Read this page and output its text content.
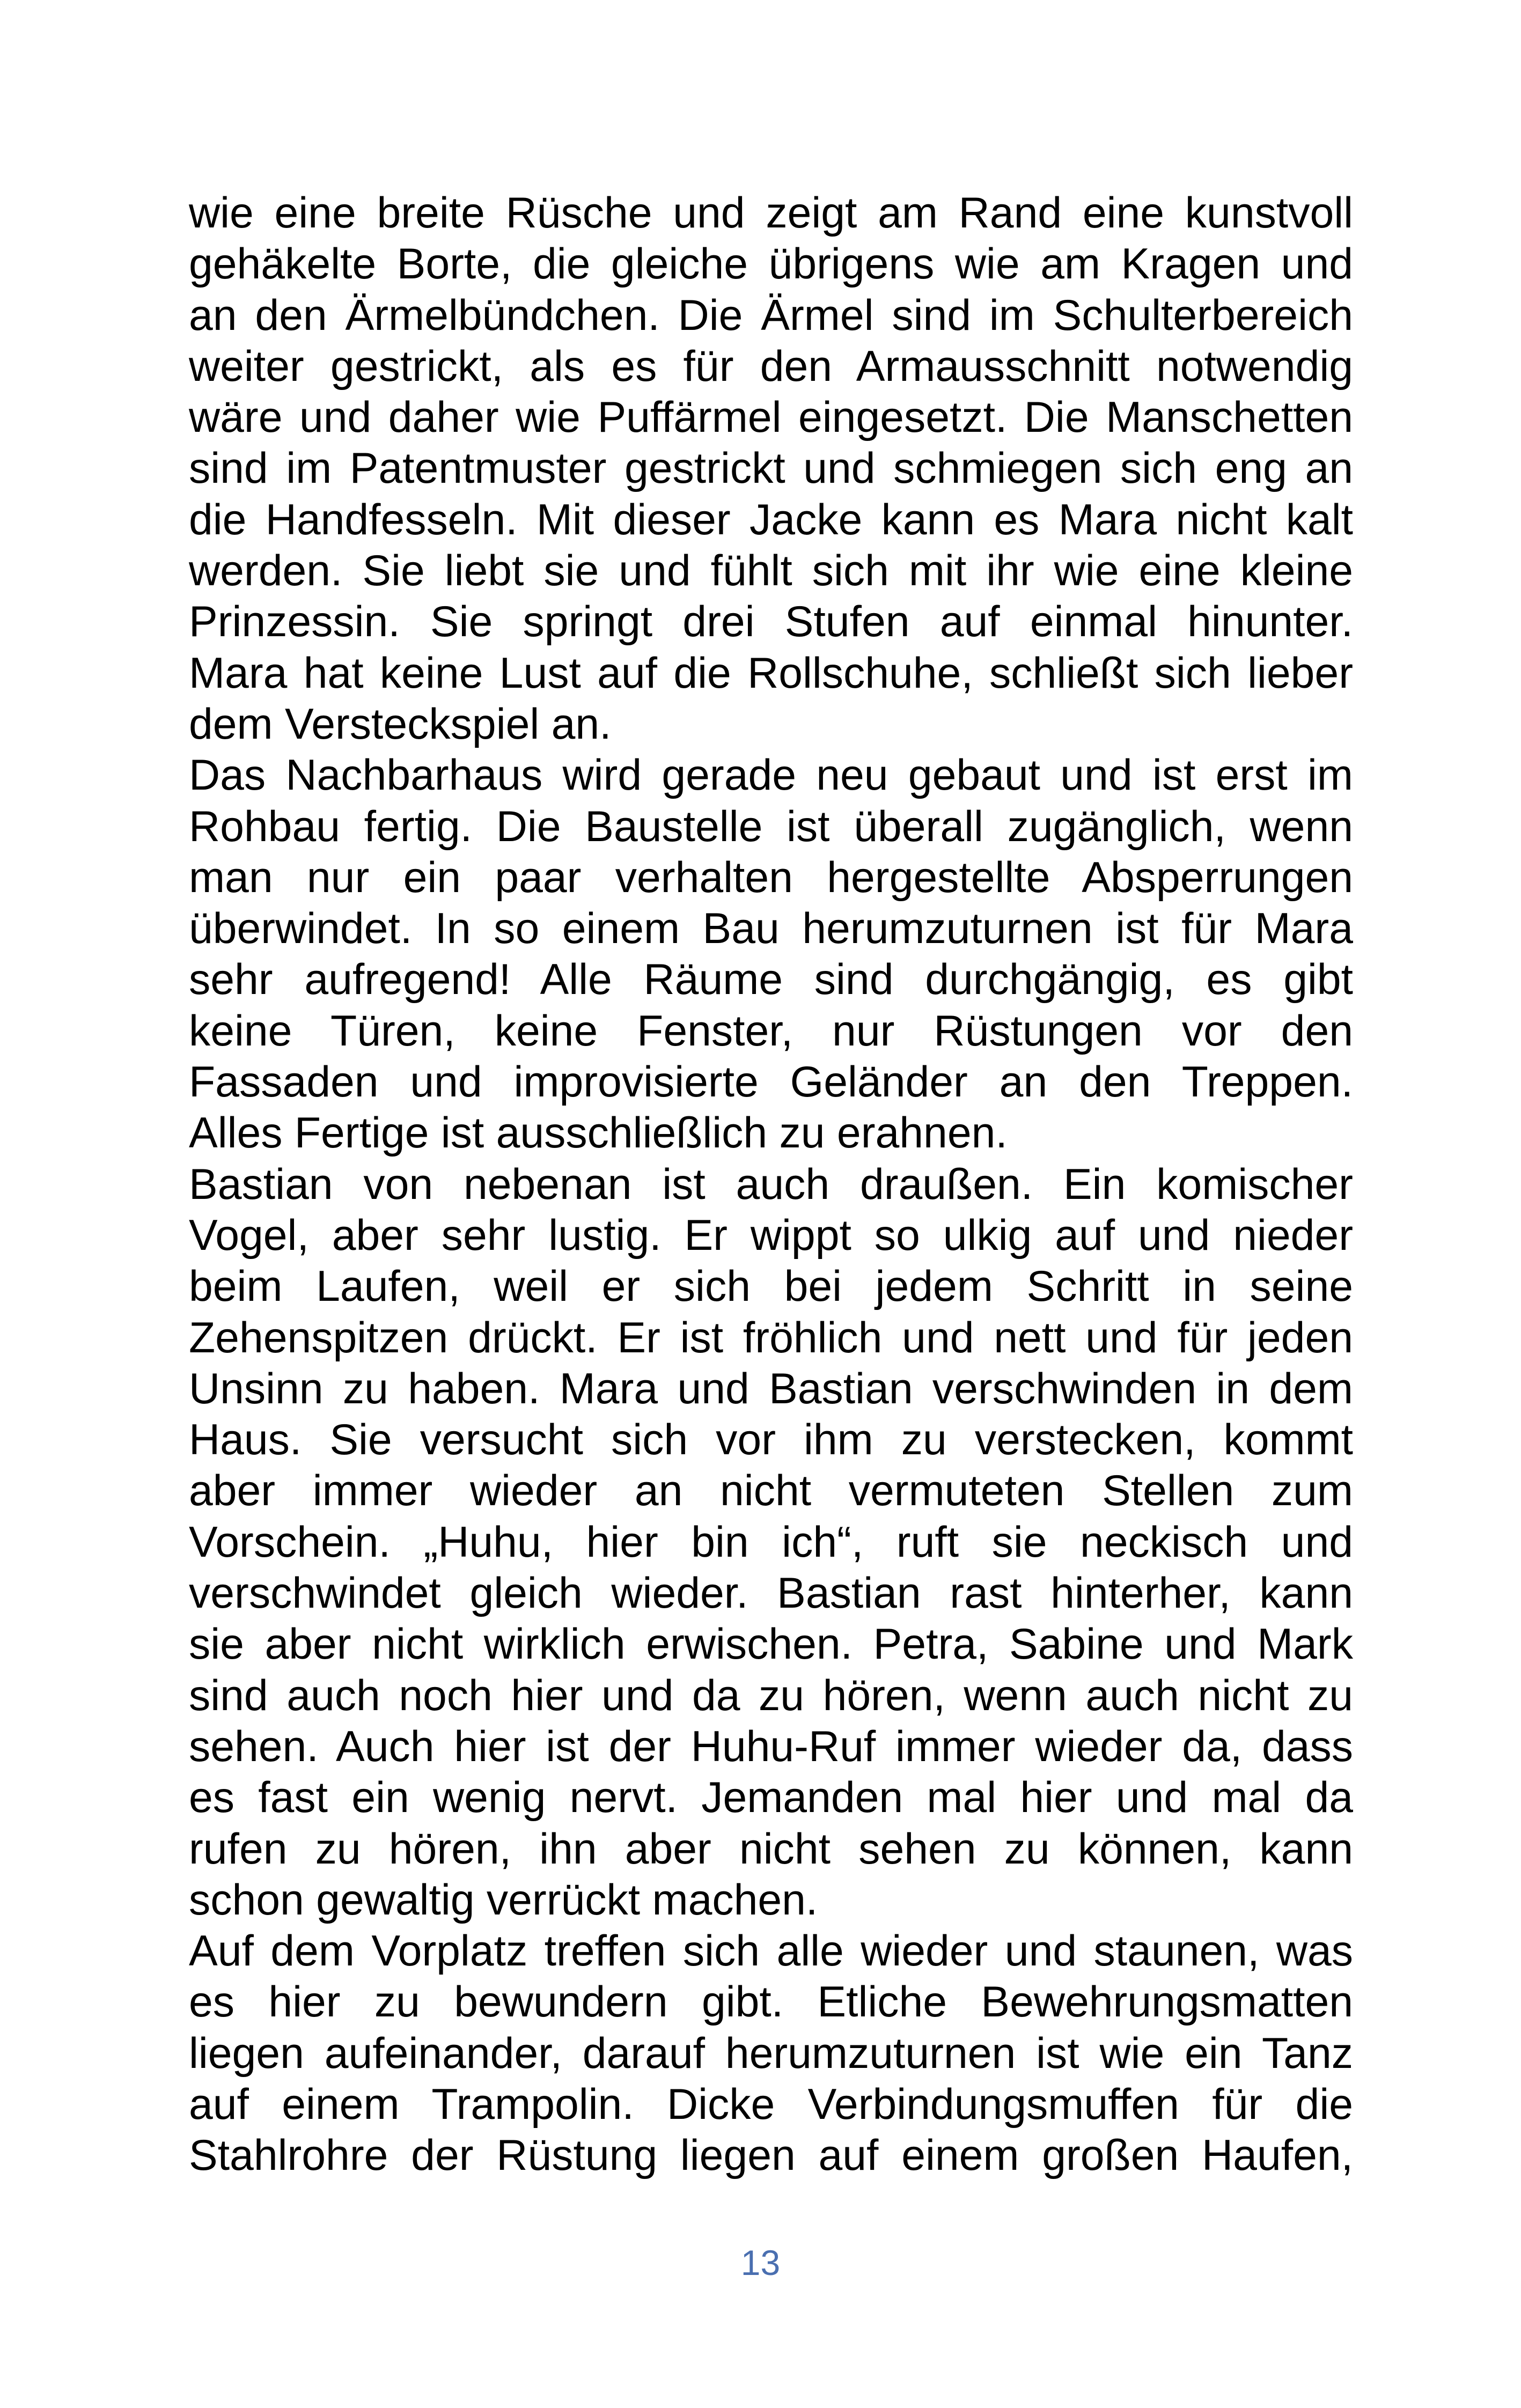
wie eine breite Rüsche und zeigt am Rand eine kunstvoll
gehäkelte Borte, die gleiche übrigens wie am Kragen und
an den Ärmelbündchen. Die Ärmel sind im Schulterbereich
weiter gestrickt, als es für den Armausschnitt notwendig
wäre und daher wie Puffärmel eingesetzt. Die Manschetten
sind im Patentmuster gestrickt und schmiegen sich eng an
die Handfesseln. Mit dieser Jacke kann es Mara nicht kalt
werden. Sie liebt sie und fühlt sich mit ihr wie eine kleine
Prinzessin. Sie springt drei Stufen auf einmal hinunter.
Mara hat keine Lust auf die Rollschuhe, schließt sich lieber
dem Versteckspiel an.
Das Nachbarhaus wird gerade neu gebaut und ist erst im
Rohbau fertig. Die Baustelle ist überall zugänglich, wenn
man nur ein paar verhalten hergestellte Absperrungen
überwindet. In so einem Bau herumzuturnen ist für Mara
sehr aufregend! Alle Räume sind durchgängig, es gibt
keine Türen, keine Fenster, nur Rüstungen vor den
Fassaden und improvisierte Geländer an den Treppen.
Alles Fertige ist ausschließlich zu erahnen.
Bastian von nebenan ist auch draußen. Ein komischer
Vogel, aber sehr lustig. Er wippt so ulkig auf und nieder
beim Laufen, weil er sich bei jedem Schritt in seine
Zehenspitzen drückt. Er ist fröhlich und nett und für jeden
Unsinn zu haben. Mara und Bastian verschwinden in dem
Haus. Sie versucht sich vor ihm zu verstecken, kommt
aber immer wieder an nicht vermuteten Stellen zum
Vorschein. „Huhu, hier bin ich“, ruft sie neckisch und
verschwindet gleich wieder. Bastian rast hinterher, kann
sie aber nicht wirklich erwischen. Petra, Sabine und Mark
sind auch noch hier und da zu hören, wenn auch nicht zu
sehen. Auch hier ist der Huhu-Ruf immer wieder da, dass
es fast ein wenig nervt. Jemanden mal hier und mal da
rufen zu hören, ihn aber nicht sehen zu können, kann
schon gewaltig verrückt machen.
Auf dem Vorplatz treffen sich alle wieder und staunen, was
es hier zu bewundern gibt. Etliche Bewehrungsmatten
liegen aufeinander, darauf herumzuturnen ist wie ein Tanz
auf einem Trampolin. Dicke Verbindungsmuffen für die
Stahlrohre der Rüstung liegen auf einem großen Haufen,
13
